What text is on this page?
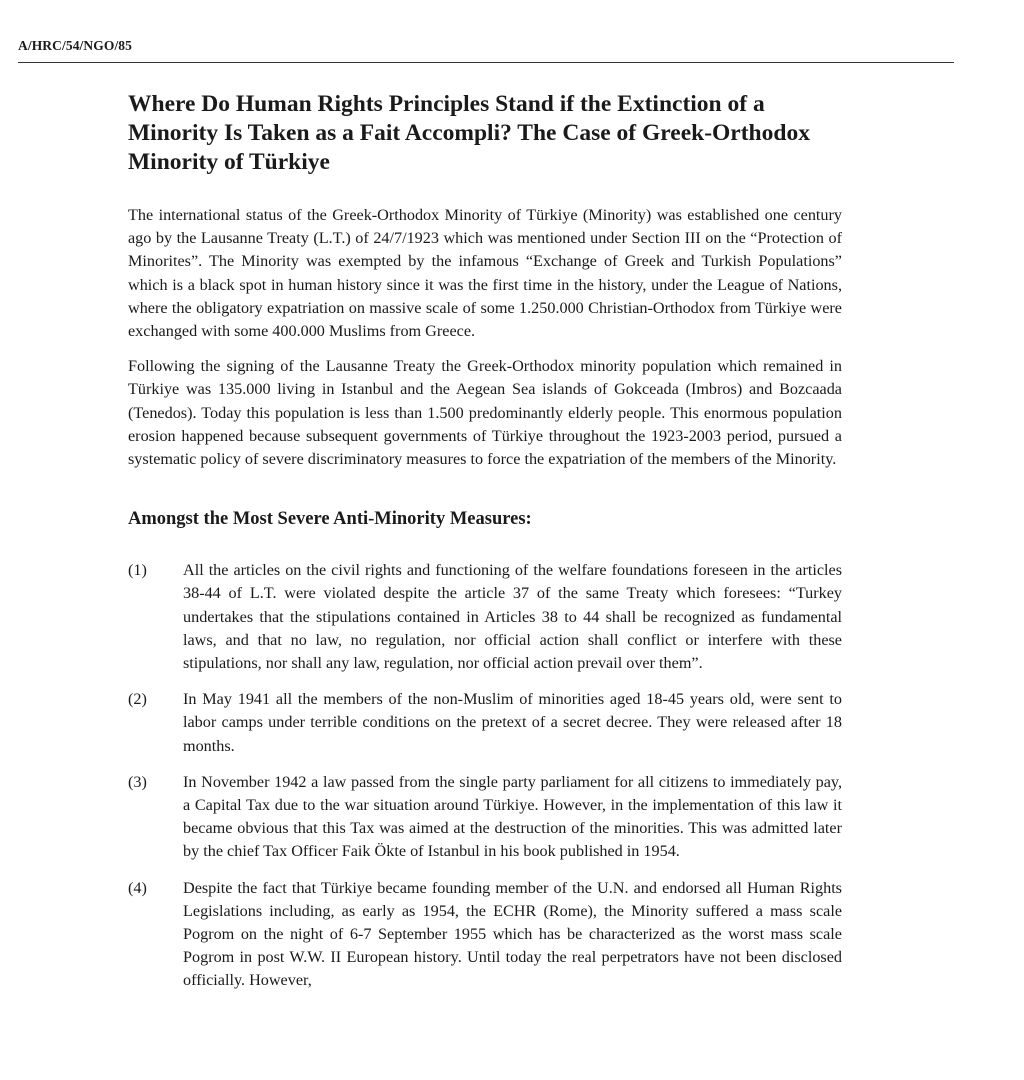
A/HRC/54/NGO/85
Where Do Human Rights Principles Stand if the Extinction of a Minority Is Taken as a Fait Accompli? The Case of Greek-Orthodox Minority of Türkiye

The international status of the Greek-Orthodox Minority of Türkiye (Minority) was established one century ago by the Lausanne Treaty (L.T.) of 24/7/1923 which was mentioned under Section III on the “Protection of Minorites”. The Minority was exempted by the infamous “Exchange of Greek and Turkish Populations” which is a black spot in human history since it was the first time in the history, under the League of Nations, where the obligatory expatriation on massive scale of some 1.250.000 Christian-Orthodox from Türkiye were exchanged with some 400.000 Muslims from Greece.

Following the signing of the Lausanne Treaty the Greek-Orthodox minority population which remained in Türkiye was 135.000 living in Istanbul and the Aegean Sea islands of Gokceada (Imbros) and Bozcaada (Tenedos). Today this population is less than 1.500 predominantly elderly people. This enormous population erosion happened because subsequent governments of Türkiye throughout the 1923-2003 period, pursued a systematic policy of severe discriminatory measures to force the expatriation of the members of the Minority.

Amongst the Most Severe Anti-Minority Measures:
(1)	All the articles on the civil rights and functioning of the welfare foundations foreseen in the articles 38-44 of L.T. were violated despite the article 37 of the same Treaty which foresees: “Turkey undertakes that the stipulations contained in Articles 38 to 44 shall be recognized as fundamental laws, and that no law, no regulation, nor official action shall conflict or interfere with these stipulations, nor shall any law, regulation, nor official action prevail over them”.
(2)	In May 1941 all the members of the non-Muslim of minorities aged 18-45 years old, were sent to labor camps under terrible conditions on the pretext of a secret decree. They were released after 18 months.
(3)	In November 1942 a law passed from the single party parliament for all citizens to immediately pay, a Capital Tax due to the war situation around Türkiye. However, in the implementation of this law it became obvious that this Tax was aimed at the destruction of the minorities. This was admitted later by the chief Tax Officer Faik Ökte of Istanbul in his book published in 1954.
(4)	Despite the fact that Türkiye became founding member of the U.N. and endorsed all Human Rights Legislations including, as early as 1954, the ECHR (Rome), the Minority suffered a mass scale Pogrom on the night of 6-7 September 1955 which has be characterized as the worst mass scale Pogrom in post W.W. II European history. Until today the real perpetrators have not been disclosed officially. However,
